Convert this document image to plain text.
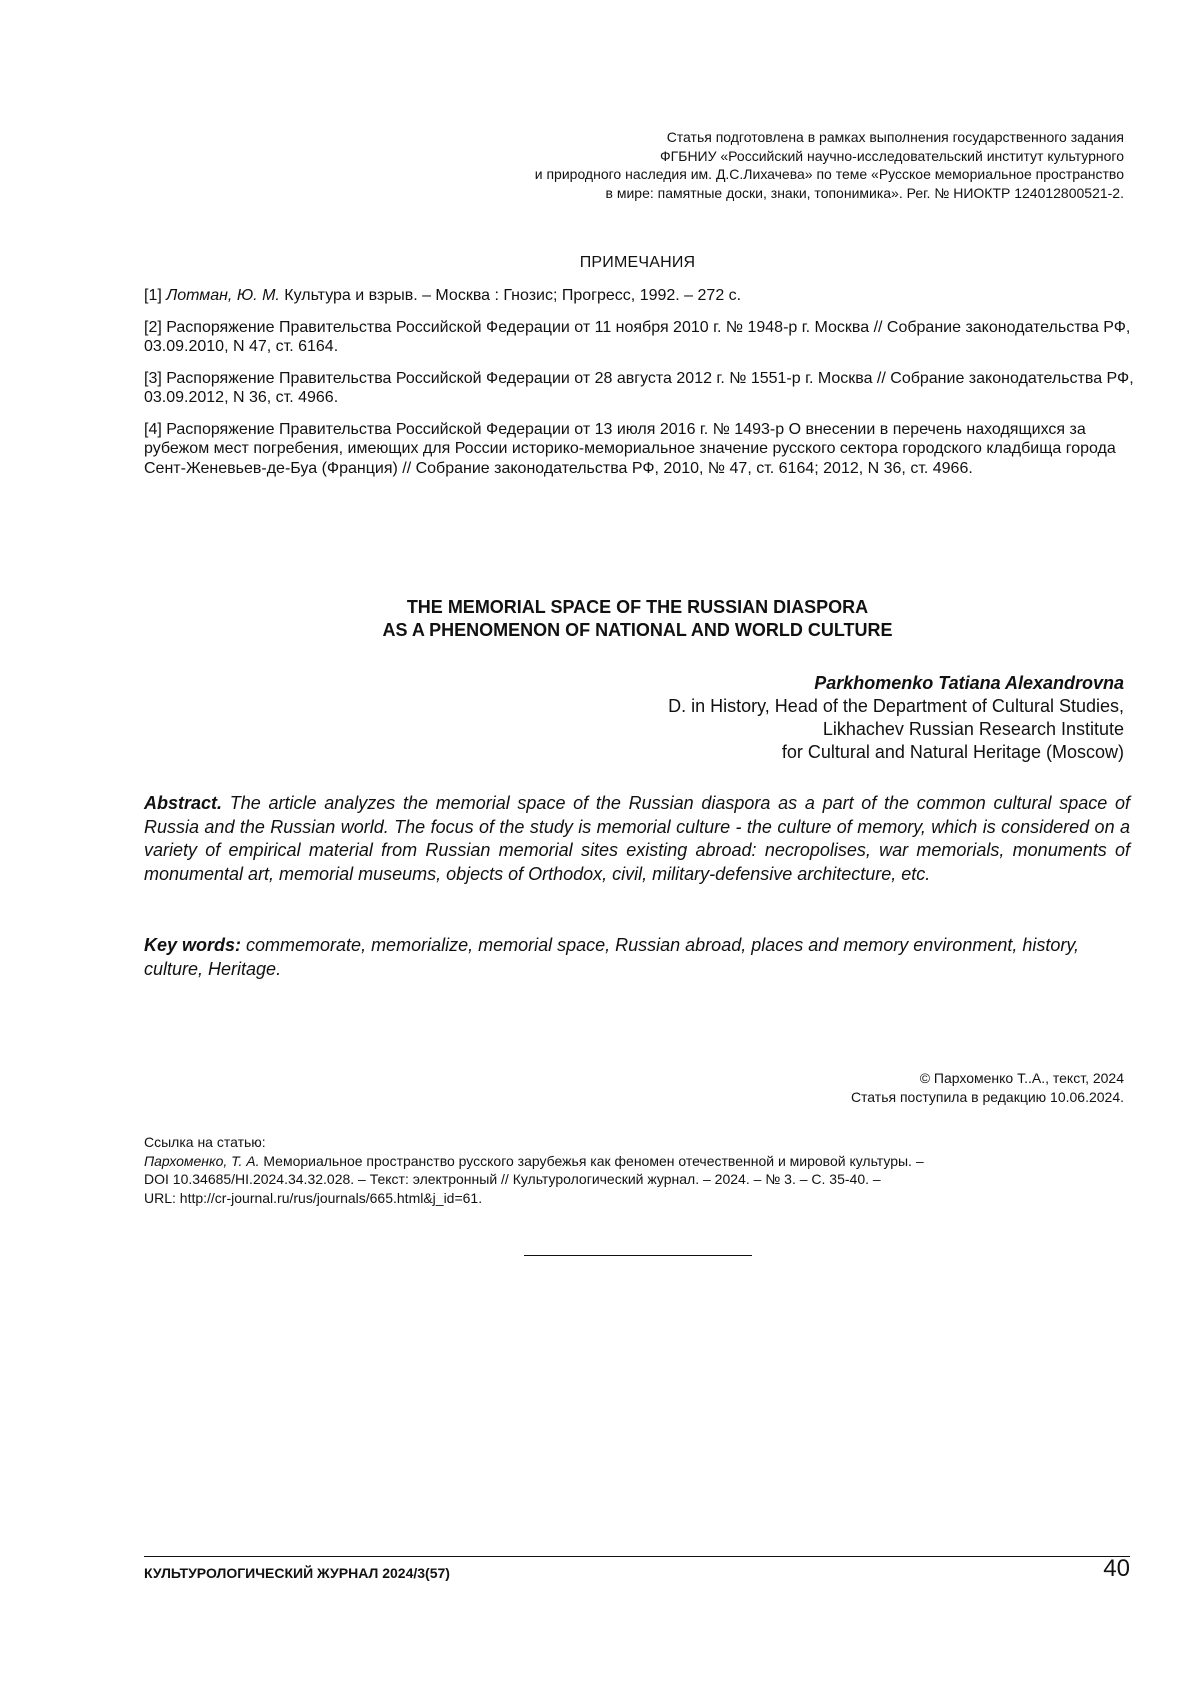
Статья подготовлена в рамках выполнения государственного задания
ФГБНИУ «Российский научно-исследовательский институт культурного
и природного наследия им. Д.С.Лихачева» по теме «Русское мемориальное пространство
в мире: памятные доски, знаки, топонимика». Рег. № НИОКТР 124012800521-2.
ПРИМЕЧАНИЯ
[1] Лотман, Ю. М. Культура и взрыв. – Москва : Гнозис; Прогресс, 1992. – 272 с.
[2] Распоряжение Правительства Российской Федерации от 11 ноября 2010 г. № 1948-р г. Москва // Собрание законодательства РФ, 03.09.2010, N 47, ст. 6164.
[3] Распоряжение Правительства Российской Федерации от 28 августа 2012 г. № 1551-р г. Москва // Собрание законодательства РФ, 03.09.2012, N 36, ст. 4966.
[4] Распоряжение Правительства Российской Федерации от 13 июля 2016 г. № 1493-р О внесении в перечень находящихся за рубежом мест погребения, имеющих для России историко-мемориальное значение русского сектора городского кладбища города Сент-Женевьев-де-Буа (Франция) // Собрание законодательства РФ, 2010, № 47, ст. 6164; 2012, N 36, ст. 4966.
THE MEMORIAL SPACE OF THE RUSSIAN DIASPORA
AS A PHENOMENON OF NATIONAL AND WORLD CULTURE
Parkhomenko Tatiana Alexandrovna
D. in History, Head of the Department of Cultural Studies,
Likhachev Russian Research Institute
for Cultural and Natural Heritage (Moscow)
Abstract. The article analyzes the memorial space of the Russian diaspora as a part of the common cultural space of Russia and the Russian world. The focus of the study is memorial culture - the culture of memory, which is considered on a variety of empirical material from Russian memorial sites existing abroad: necropolises, war memorials, monuments of monumental art, memorial museums, objects of Orthodox, civil, military-defensive architecture, etc.
Key words: commemorate, memorialize, memorial space, Russian abroad, places and memory environment, history, culture, Heritage.
© Пархоменко Т..А., текст, 2024
Статья поступила в редакцию 10.06.2024.
Ссылка на статью:
Пархоменко, Т. А. Мемориальное пространство русского зарубежья как феномен отечественной и мировой культуры. –
DOI 10.34685/HI.2024.34.32.028. – Текст: электронный // Культурологический журнал. – 2024. – № 3. – С. 35-40. –
URL: http://cr-journal.ru/rus/journals/665.html&j_id=61.
КУЛЬТУРОЛОГИЧЕСКИЙ ЖУРНАЛ 2024/3(57)	40
